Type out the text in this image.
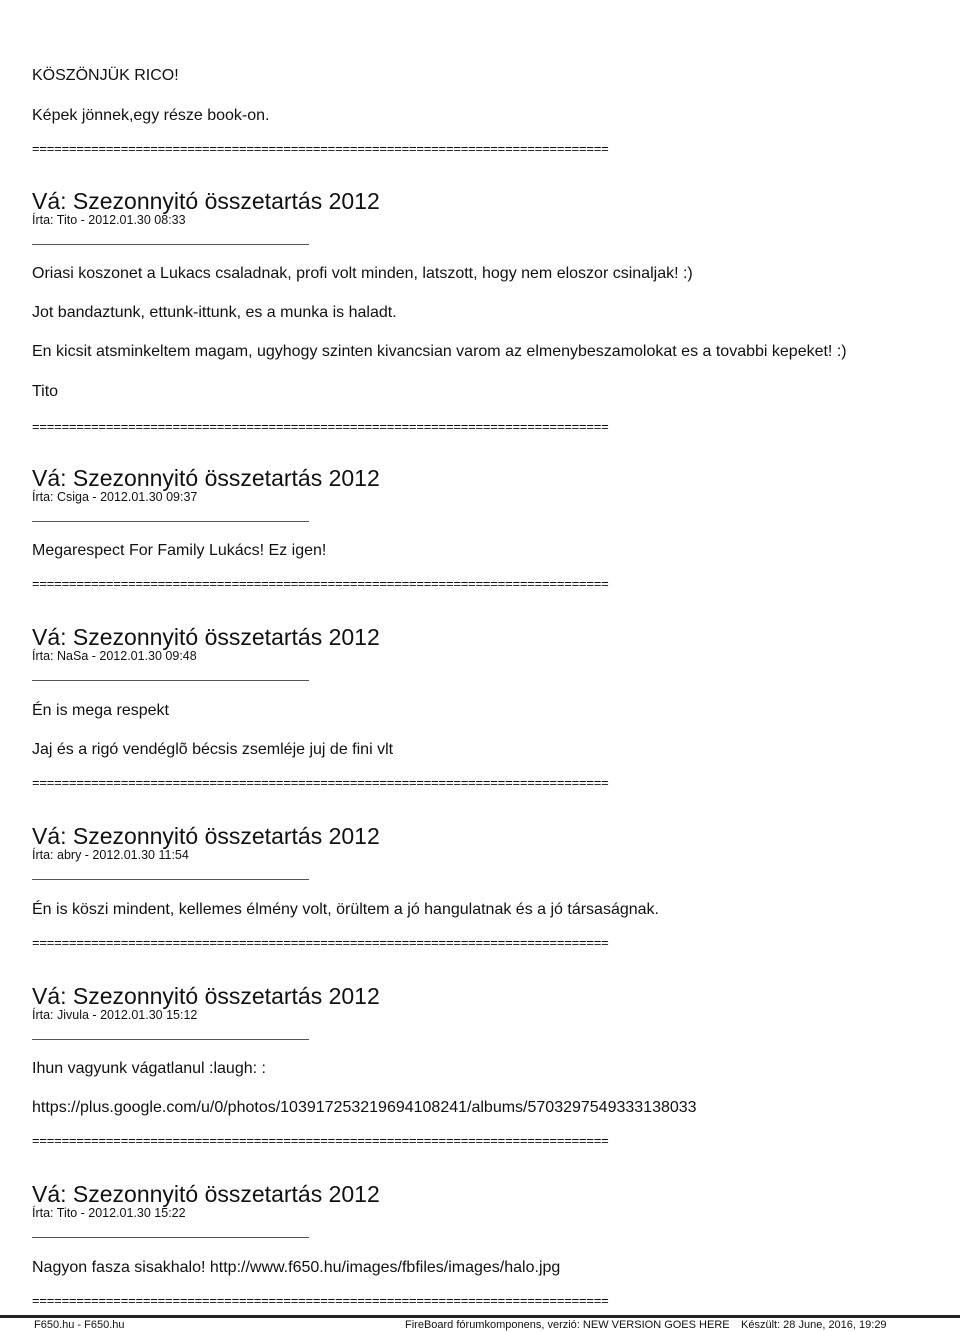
KÖSZÖNJÜK RICO!
Képek jönnek,egy része book-on.
==============================================================================
Vá: Szezonnyitó összetartás 2012
Írta: Tito - 2012.01.30 08:33
Oriasi koszonet a Lukacs csaladnak, profi volt minden, latszott, hogy nem eloszor csinaljak! :)
Jot bandaztunk, ettunk-ittunk, es a munka is haladt.
En kicsit atsminkeltem magam, ugyhogy szinten kivancsian varom az elmenybeszamolokat es a tovabbi kepeket! :)
Tito
==============================================================================
Vá: Szezonnyitó összetartás 2012
Írta: Csiga - 2012.01.30 09:37
Megarespect For Family Lukács! Ez igen!
==============================================================================
Vá: Szezonnyitó összetartás 2012
Írta: NaSa - 2012.01.30 09:48
Én is mega respekt
Jaj és a rigó vendéglõ bécsis zsemléje juj de fini vlt
==============================================================================
Vá: Szezonnyitó összetartás 2012
Írta: abry - 2012.01.30 11:54
Én is köszi mindent, kellemes élmény volt, örültem a jó hangulatnak és a jó társaságnak.
==============================================================================
Vá: Szezonnyitó összetartás 2012
Írta: Jivula - 2012.01.30 15:12
Ihun vagyunk vágatlanul :laugh: :
https://plus.google.com/u/0/photos/103917253219694108241/albums/5703297549333138033
==============================================================================
Vá: Szezonnyitó összetartás 2012
Írta: Tito - 2012.01.30 15:22
Nagyon fasza sisakhalo! http://www.f650.hu/images/fbfiles/images/halo.jpg
==============================================================================
F650.hu - F650.hu	FireBoard fórumkomponens, verzió: NEW VERSION GOES HERE Készült: 28 June, 2016, 19:29
